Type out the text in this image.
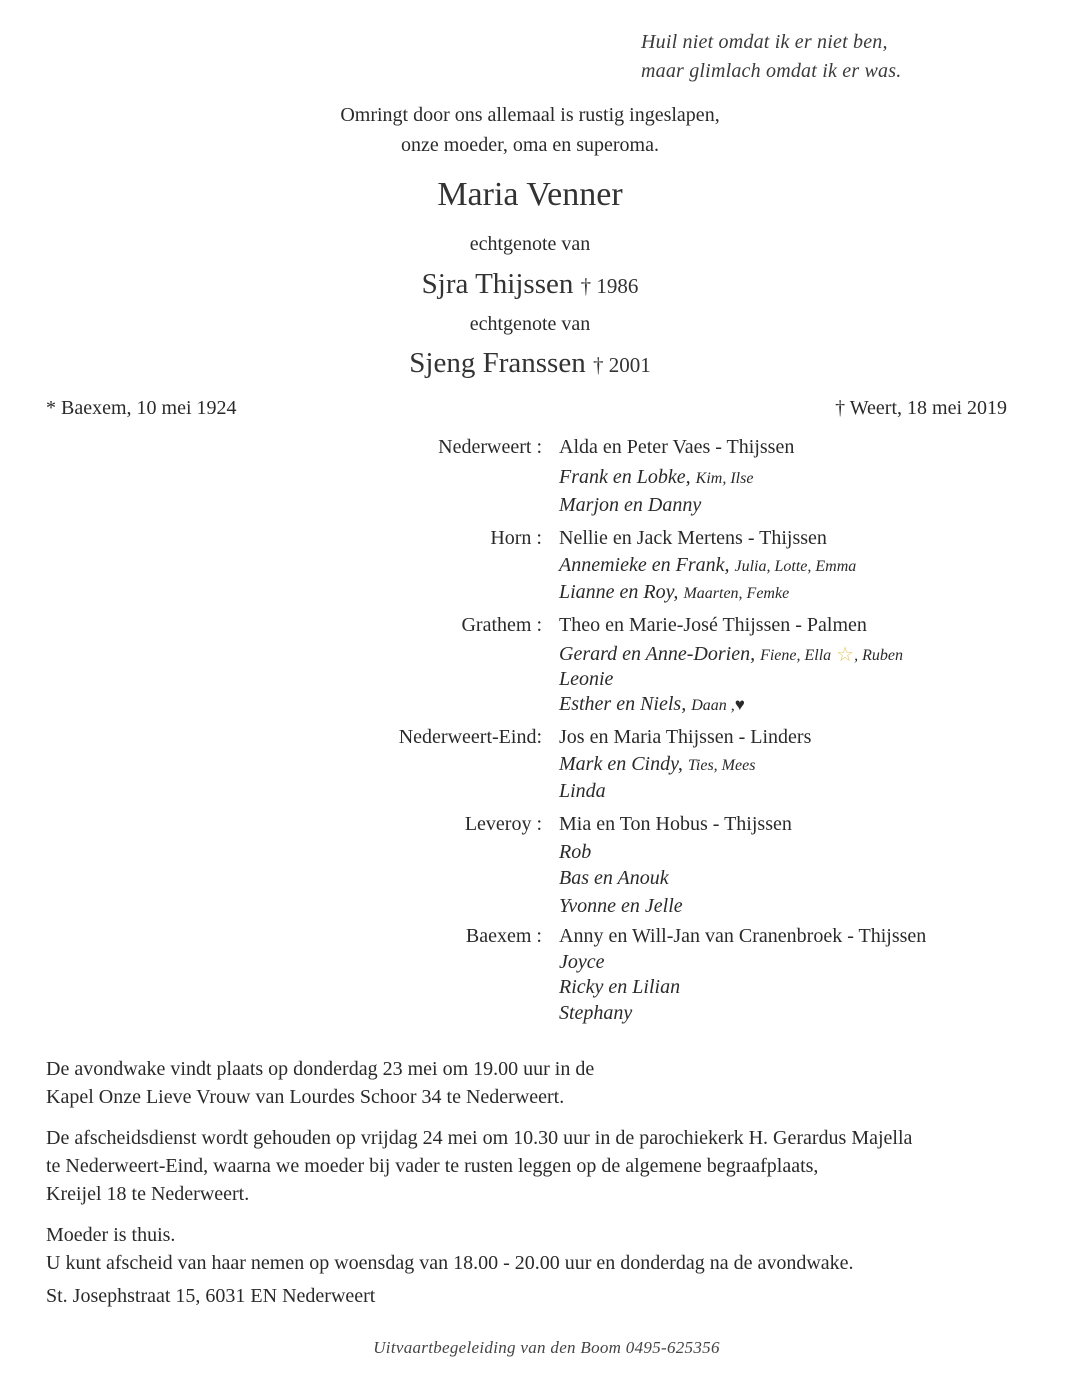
Huil niet omdat ik er niet ben,
maar glimlach omdat ik er was.
Omringt door ons allemaal is rustig ingeslapen,
onze moeder, oma en superoma.
Maria Venner
echtgenote van
Sjra Thijssen † 1986
echtgenote van
Sjeng Franssen † 2001
* Baexem, 10 mei 1924	† Weert, 18 mei 2019
Nederweert : Alda en Peter Vaes - Thijssen
Frank en Lobke, Kim, Ilse
Marjon en Danny
Horn : Nellie en Jack Mertens - Thijssen
Annemieke en Frank, Julia, Lotte, Emma
Lianne en Roy, Maarten, Femke
Grathem : Theo en Marie-José Thijssen - Palmen
Gerard en Anne-Dorien, Fiene, Ella ☆, Ruben
Leonie
Esther en Niels, Daan ,♥
Nederweert-Eind: Jos en Maria Thijssen - Linders
Mark en Cindy, Ties, Mees
Linda
Leveroy : Mia en Ton Hobus - Thijssen
Rob
Bas en Anouk
Yvonne en Jelle
Baexem : Anny en Will-Jan van Cranenbroek - Thijssen
Joyce
Ricky en Lilian
Stephany
De avondwake vindt plaats op donderdag 23 mei om 19.00 uur in de
Kapel Onze Lieve Vrouw van Lourdes Schoor 34 te Nederweert.
De afscheidsdienst wordt gehouden op vrijdag 24 mei om 10.30 uur in de parochiekerk H. Gerardus Majella
te Nederweert-Eind, waarna we moeder bij vader te rusten leggen op de algemene begraafplaats,
Kreijel 18 te Nederweert.
Moeder is thuis.
U kunt afscheid van haar nemen op woensdag van 18.00 - 20.00 uur en donderdag na de avondwake.
St. Josephstraat 15, 6031 EN Nederweert
Uitvaartbegeleiding van den Boom 0495-625356
